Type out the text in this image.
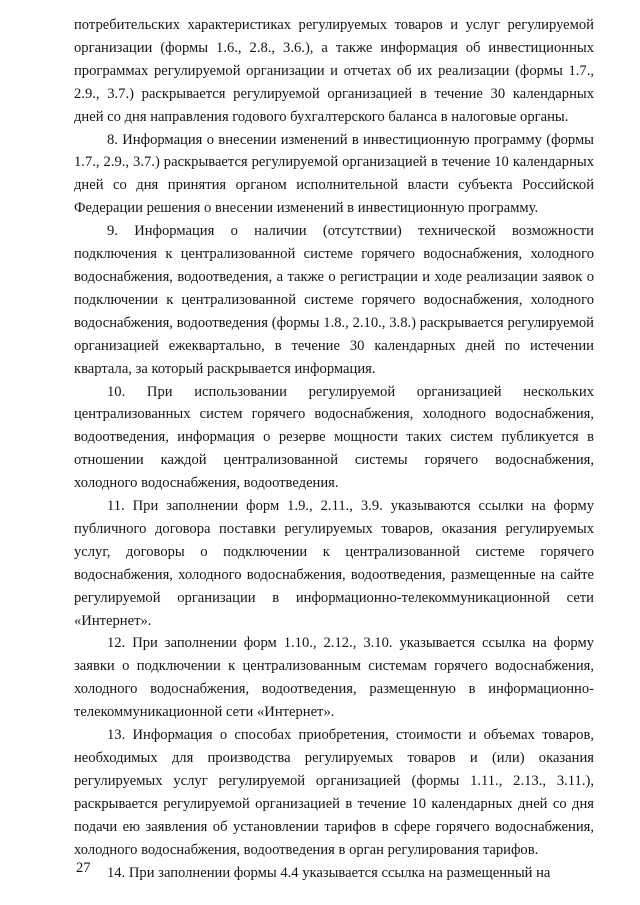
потребительских характеристиках регулируемых товаров и услуг регулируемой организации (формы 1.6., 2.8., 3.6.), а также информация об инвестиционных программах регулируемой организации и отчетах об их реализации (формы 1.7., 2.9., 3.7.) раскрывается регулируемой организацией в течение 30 календарных дней со дня направления годового бухгалтерского баланса в налоговые органы.

8. Информация о внесении изменений в инвестиционную программу (формы 1.7., 2.9., 3.7.) раскрывается регулируемой организацией в течение 10 календарных дней со дня принятия органом исполнительной власти субъекта Российской Федерации решения о внесении изменений в инвестиционную программу.

9. Информация о наличии (отсутствии) технической возможности подключения к централизованной системе горячего водоснабжения, холодного водоснабжения, водоотведения, а также о регистрации и ходе реализации заявок о подключении к централизованной системе горячего водоснабжения, холодного водоснабжения, водоотведения (формы 1.8., 2.10., 3.8.) раскрывается регулируемой организацией ежеквартально, в течение 30 календарных дней по истечении квартала, за который раскрывается информация.

10. При использовании регулируемой организацией нескольких централизованных систем горячего водоснабжения, холодного водоснабжения, водоотведения, информация о резерве мощности таких систем публикуется в отношении каждой централизованной системы горячего водоснабжения, холодного водоснабжения, водоотведения.

11. При заполнении форм 1.9., 2.11., 3.9. указываются ссылки на форму публичного договора поставки регулируемых товаров, оказания регулируемых услуг, договоры о подключении к централизованной системе горячего водоснабжения, холодного водоснабжения, водоотведения, размещенные на сайте регулируемой организации в информационно-телекоммуникационной сети «Интернет».

12. При заполнении форм 1.10., 2.12., 3.10. указывается ссылка на форму заявки о подключении к централизованным системам горячего водоснабжения, холодного водоснабжения, водоотведения, размещенную в информационно-телекоммуникационной сети «Интернет».

13. Информация о способах приобретения, стоимости и объемах товаров, необходимых для производства регулируемых товаров и (или) оказания регулируемых услуг регулируемой организацией (формы 1.11., 2.13., 3.11.), раскрывается регулируемой организацией в течение 10 календарных дней со дня подачи ею заявления об установлении тарифов в сфере горячего водоснабжения, холодного водоснабжения, водоотведения в орган регулирования тарифов.

14. При заполнении формы 4.4 указывается ссылка на размещенный на

27
